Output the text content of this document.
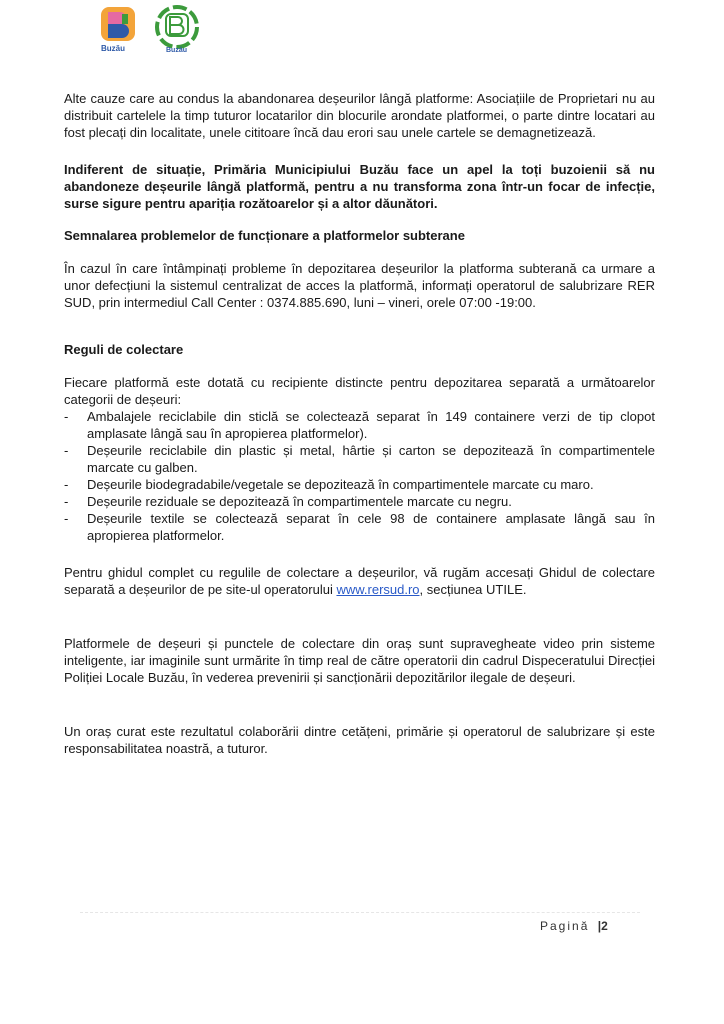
Buzău	Buzău

Alte cauze care au condus la abandonarea deșeurilor lângă platforme: Asociațiile de Proprietari nu au distribuit cartelele la timp tuturor locatarilor din blocurile arondate platformei, o parte dintre locatari au fost plecați din localitate, unele cititoare încă dau erori sau unele cartele se demagnetizează.

Indiferent de situație, Primăria Municipiului Buzău face un apel la toți buzoienii să nu abandoneze deșeurile lângă platformă, pentru a nu transforma zona într-un focar de infecție, surse sigure pentru apariția rozătoarelor și a altor dăunători.

Semnalarea problemelor de funcționare a platformelor subterane

În cazul în care întâmpinați probleme în depozitarea deșeurilor la platforma subterană ca urmare a unor defecțiuni la sistemul centralizat de acces la platformă, informați operatorul de salubrizare RER SUD, prin intermediul Call Center : 0374.885.690, luni – vineri, orele 07:00 -19:00.

Reguli de colectare

Fiecare platformă este dotată cu recipiente distincte pentru depozitarea separată a următoarelor categorii de deșeuri:

- Ambalajele reciclabile din sticlă se colectează separat în 149 containere verzi de tip clopot amplasate lângă sau în apropierea platformelor).
- Deșeurile reciclabile din plastic și metal, hârtie și carton se depozitează în compartimentele marcate cu galben.
- Deșeurile biodegradabile/vegetale se depozitează în compartimentele marcate cu maro.
- Deșeurile reziduale se depozitează în compartimentele marcate cu negru.
- Deșeurile textile se colectează separat în cele 98 de containere amplasate lângă sau în apropierea platformelor.

Pentru ghidul complet cu regulile de colectare a deșeurilor, vă rugăm accesați Ghidul de colectare separată a deșeurilor de pe site-ul operatorului www.rersud.ro, secțiunea UTILE.

Platformele de deșeuri și punctele de colectare din oraș sunt supravegheate video prin sisteme inteligente, iar imaginile sunt urmărite în timp real de către operatorii din cadrul Dispeceratului Direcției Poliției Locale Buzău, în vederea prevenirii și sancționării depozitărilor ilegale de deșeuri.

Un oraș curat este rezultatul colaborării dintre cetățeni, primărie și operatorul de salubrizare și este responsabilitatea noastră, a tuturor.

Pagină |2
